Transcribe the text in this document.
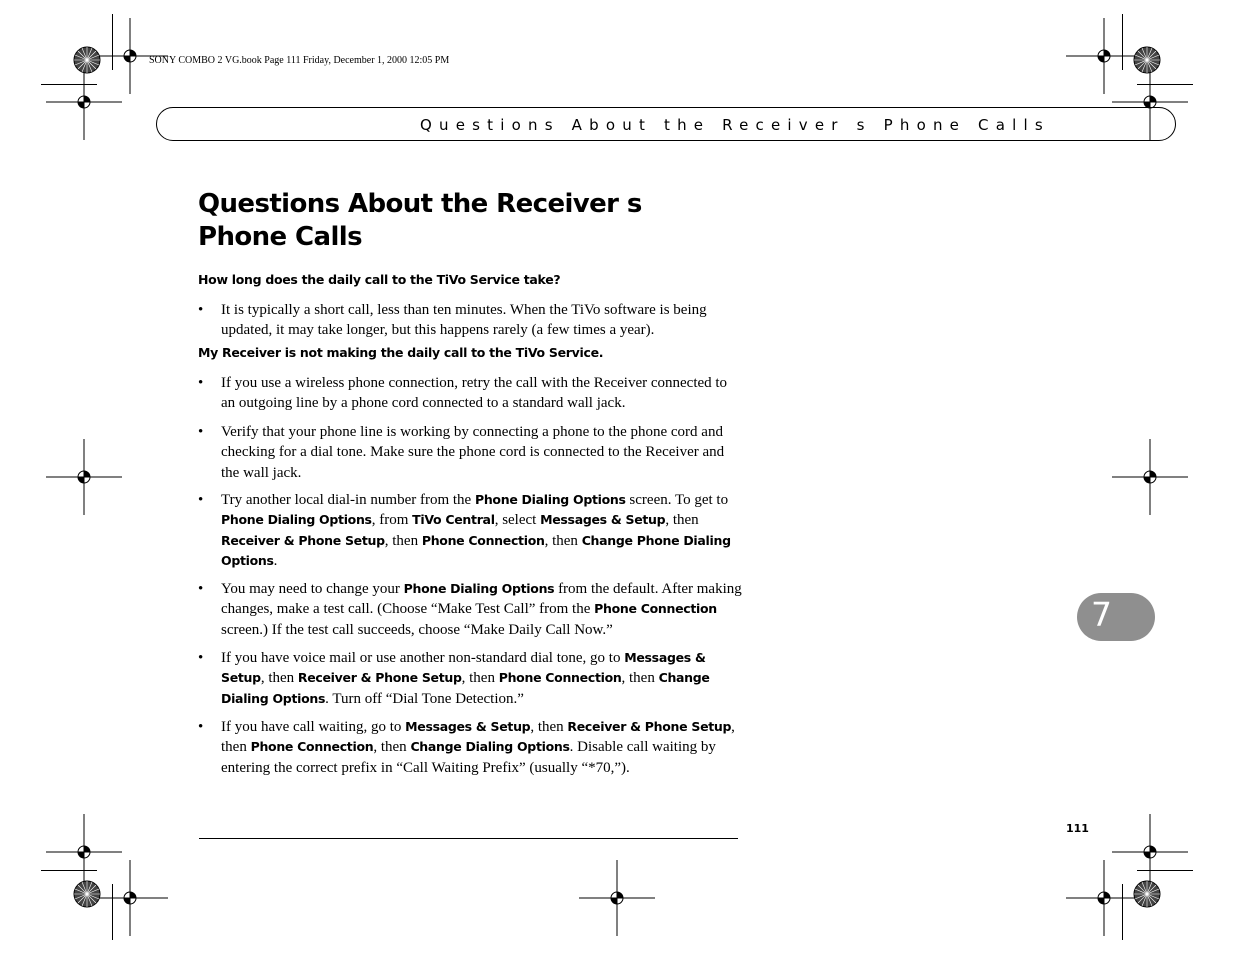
SONY COMBO 2 VG.book Page 111 Friday, December 1, 2000 12:05 PM
Questions About the Receiver s Phone Calls
Questions About the Receiver s
Phone Calls
How long does the daily call to the TiVo Service take?
• It is typically a short call, less than ten minutes. When the TiVo software is being updated, it may take longer, but this happens rarely (a few times a year).
My Receiver is not making the daily call to the TiVo Service.
• If you use a wireless phone connection, retry the call with the Receiver connected to an outgoing line by a phone cord connected to a standard wall jack.
• Verify that your phone line is working by connecting a phone to the phone cord and checking for a dial tone. Make sure the phone cord is connected to the Receiver and the wall jack.
• Try another local dial-in number from the Phone Dialing Options screen. To get to Phone Dialing Options, from TiVo Central, select Messages & Setup, then Receiver & Phone Setup, then Phone Connection, then Change Phone Dialing Options.
• You may need to change your Phone Dialing Options from the default. After making changes, make a test call. (Choose “Make Test Call” from the Phone Connection screen.) If the test call succeeds, choose “Make Daily Call Now.”
• If you have voice mail or use another non-standard dial tone, go to Messages & Setup, then Receiver & Phone Setup, then Phone Connection, then Change Dialing Options. Turn off “Dial Tone Detection.”
• If you have call waiting, go to Messages & Setup, then Receiver & Phone Setup, then Phone Connection, then Change Dialing Options. Disable call waiting by entering the correct prefix in “Call Waiting Prefix” (usually “*70,”).
7
111
